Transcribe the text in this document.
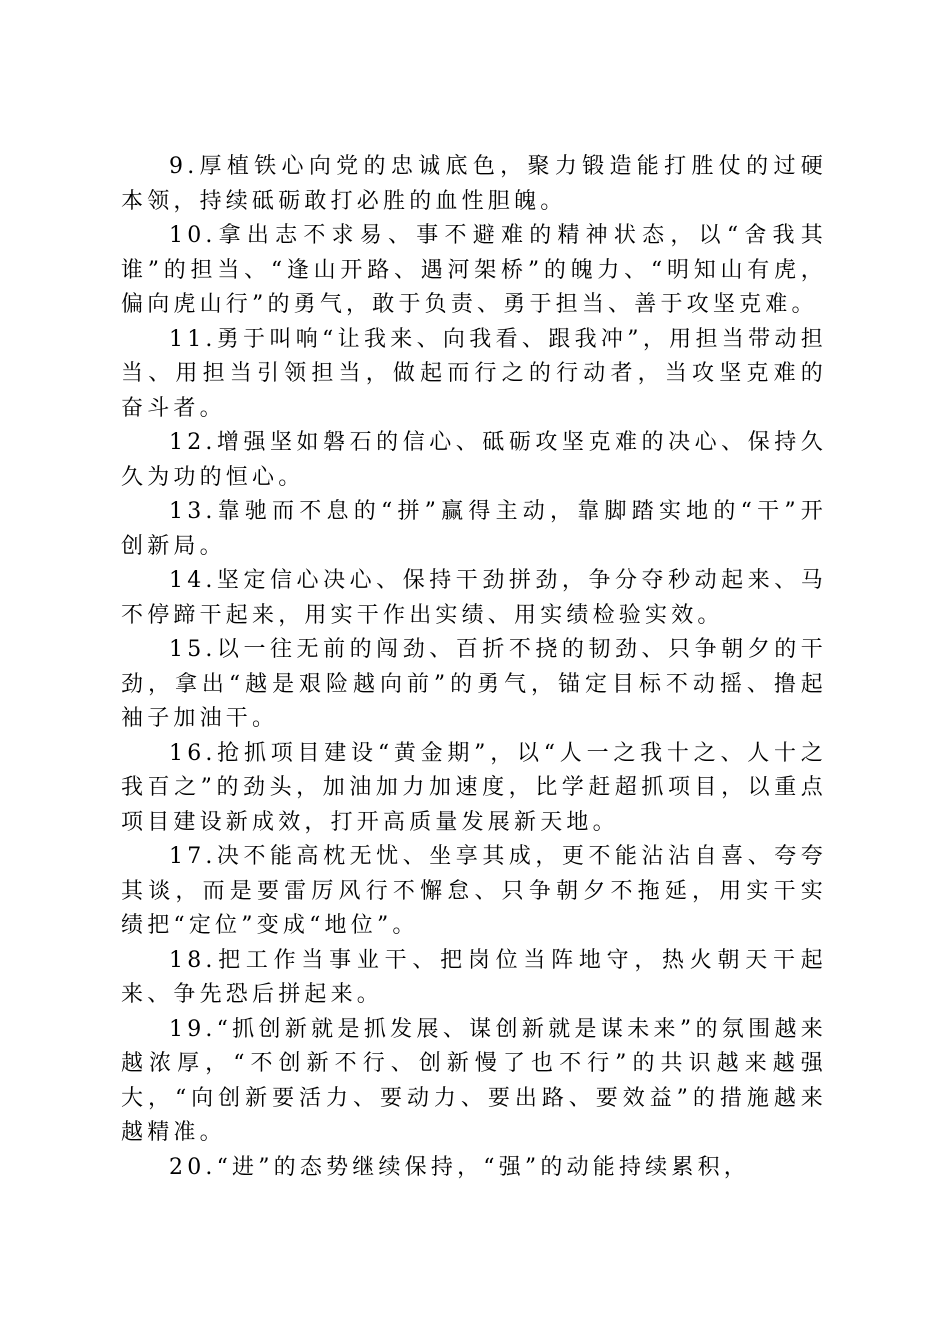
9.厚植铁心向党的忠诚底色，聚力锻造能打胜仗的过硬本领，持续砥砺敢打必胜的血性胆魄。

10.拿出志不求易、事不避难的精神状态，以“舍我其谁”的担当、“逢山开路、遇河架桥”的魄力、“明知山有虎，偏向虎山行”的勇气，敢于负责、勇于担当、善于攻坚克难。

11.勇于叫响“让我来、向我看、跟我冲”，用担当带动担当、用担当引领担当，做起而行之的行动者，当攻坚克难的奋斗者。

12.增强坚如磐石的信心、砥砺攻坚克难的决心、保持久久为功的恒心。

13.靠驰而不息的“拼”赢得主动，靠脚踏实地的“干”开创新局。

14.坚定信心决心、保持干劲拼劲，争分夺秒动起来、马不停蹄干起来，用实干作出实绩、用实绩检验实效。

15.以一往无前的闯劲、百折不挠的韧劲、只争朝夕的干劲，拿出“越是艰险越向前”的勇气，锚定目标不动摇、撸起袖子加油干。

16.抢抓项目建设“黄金期”，以“人一之我十之、人十之我百之”的劲头，加油加力加速度，比学赶超抓项目，以重点项目建设新成效，打开高质量发展新天地。

17.决不能高枕无忧、坐享其成，更不能沾沾自喜、夸夸其谈，而是要雷厉风行不懈怠、只争朝夕不拖延，用实干实绩把“定位”变成“地位”。

18.把工作当事业干、把岗位当阵地守，热火朝天干起来、争先恐后拼起来。

19.“抓创新就是抓发展、谋创新就是谋未来”的氛围越来越浓厚，“不创新不行、创新慢了也不行”的共识越来越强大，“向创新要活力、要动力、要出路、要效益”的措施越来越精准。

20.“进”的态势继续保持，“强”的动能持续累积，
